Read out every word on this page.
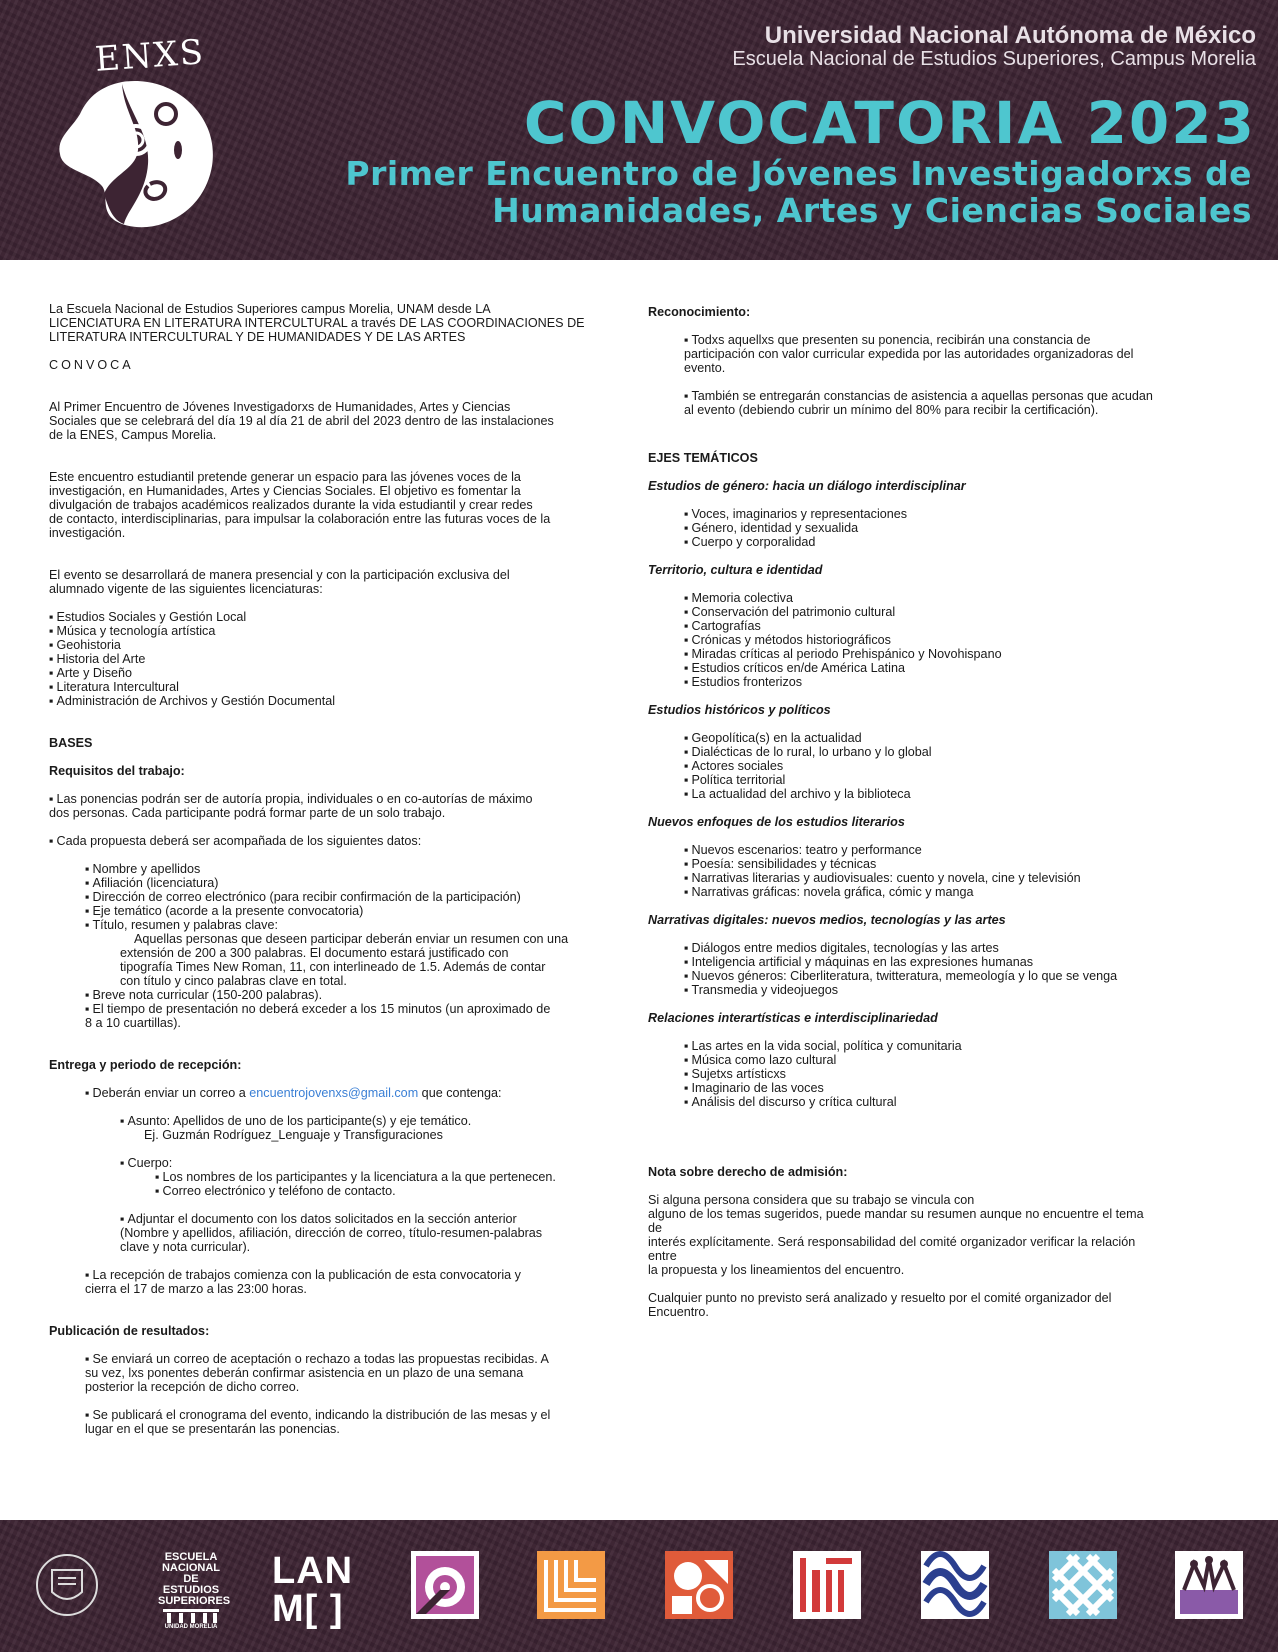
ENXS	Universidad Nacional Autónoma de México
Escuela Nacional de Estudios Superiores, Campus Morelia
CONVOCATORIA 2023
Primer Encuentro de Jóvenes Investigadorxs de
Humanidades, Artes y Ciencias Sociales
La Escuela Nacional de Estudios Superiores campus Morelia, UNAM desde LA
LICENCIATURA EN LITERATURA INTERCULTURAL a través DE LAS COORDINACIONES DE
LITERATURA INTERCULTURAL Y DE HUMANIDADES Y DE LAS ARTES
CONVOCA
Al Primer Encuentro de Jóvenes Investigadorxs de Humanidades, Artes y Ciencias
Sociales que se celebrará del día 19 al día 21 de abril del 2023 dentro de las instalaciones
de la ENES, Campus Morelia.
Este encuentro estudiantil pretende generar un espacio para las jóvenes voces de la
investigación, en Humanidades, Artes y Ciencias Sociales. El objetivo es fomentar la
divulgación de trabajos académicos realizados durante la vida estudiantil y crear redes
de contacto, interdisciplinarias, para impulsar la colaboración entre las futuras voces de la
investigación.
El evento se desarrollará de manera presencial y con la participación exclusiva del
alumnado vigente de las siguientes licenciaturas:
▪ Estudios Sociales y Gestión Local
▪ Música y tecnología artística
▪ Geohistoria
▪ Historia del Arte
▪ Arte y Diseño
▪ Literatura Intercultural
▪ Administración de Archivos y Gestión Documental
BASES
Requisitos del trabajo:
▪ Las ponencias podrán ser de autoría propia, individuales o en co-autorías de máximo
dos personas. Cada participante podrá formar parte de un solo trabajo.
▪ Cada propuesta deberá ser acompañada de los siguientes datos:
▪ Nombre y apellidos
▪ Afiliación (licenciatura)
▪ Dirección de correo electrónico (para recibir confirmación de la participación)
▪ Eje temático (acorde a la presente convocatoria)
▪ Título, resumen y palabras clave:
Aquellas personas que deseen participar deberán enviar un resumen con una
extensión de 200 a 300 palabras. El documento estará justificado con
tipografía Times New Roman, 11, con interlineado de 1.5. Además de contar
con título y cinco palabras clave en total.
▪ Breve nota curricular (150-200 palabras).
▪ El tiempo de presentación no deberá exceder a los 15 minutos (un aproximado de
8 a 10 cuartillas).
Entrega y periodo de recepción:
▪ Deberán enviar un correo a encuentrojovenxs@gmail.com que contenga:
▪ Asunto: Apellidos de uno de los participante(s) y eje temático.
Ej. Guzmán Rodríguez_Lenguaje y Transfiguraciones
▪ Cuerpo:
▪ Los nombres de los participantes y la licenciatura a la que pertenecen.
▪ Correo electrónico y teléfono de contacto.
▪ Adjuntar el documento con los datos solicitados en la sección anterior
(Nombre y apellidos, afiliación, dirección de correo, título-resumen-palabras
clave y nota curricular).
▪ La recepción de trabajos comienza con la publicación de esta convocatoria y
cierra el 17 de marzo a las 23:00 horas.
Publicación de resultados:
▪ Se enviará un correo de aceptación o rechazo a todas las propuestas recibidas. A
su vez, lxs ponentes deberán confirmar asistencia en un plazo de una semana
posterior la recepción de dicho correo.
▪ Se publicará el cronograma del evento, indicando la distribución de las mesas y el
lugar en el que se presentarán las ponencias.
Reconocimiento:
▪ Todxs aquellxs que presenten su ponencia, recibirán una constancia de
participación con valor curricular expedida por las autoridades organizadoras del
evento.
▪ También se entregarán constancias de asistencia a aquellas personas que acudan
al evento (debiendo cubrir un mínimo del 80% para recibir la certificación).
EJES TEMÁTICOS
Estudios de género: hacia un diálogo interdisciplinar
▪ Voces, imaginarios y representaciones
▪ Género, identidad y sexualida
▪ Cuerpo y corporalidad
Territorio, cultura e identidad
▪ Memoria colectiva
▪ Conservación del patrimonio cultural
▪ Cartografías
▪ Crónicas y métodos historiográficos
▪ Miradas críticas al periodo Prehispánico y Novohispano
▪ Estudios críticos en/de América Latina
▪ Estudios fronterizos
Estudios históricos y políticos
▪ Geopolítica(s) en la actualidad
▪ Dialécticas de lo rural, lo urbano y lo global
▪ Actores sociales
▪ Política territorial
▪ La actualidad del archivo y la biblioteca
Nuevos enfoques de los estudios literarios
▪ Nuevos escenarios: teatro y performance
▪ Poesía: sensibilidades y técnicas
▪ Narrativas literarias y audiovisuales: cuento y novela, cine y televisión
▪ Narrativas gráficas: novela gráfica, cómic y manga
Narrativas digitales: nuevos medios, tecnologías y las artes
▪ Diálogos entre medios digitales, tecnologías y las artes
▪ Inteligencia artificial y máquinas en las expresiones humanas
▪ Nuevos géneros: Ciberliteratura, twitteratura, memeología y lo que se venga
▪ Transmedia y videojuegos
Relaciones interartísticas e interdisciplinariedad
▪ Las artes en la vida social, política y comunitaria
▪ Música como lazo cultural
▪ Sujetxs artísticxs
▪ Imaginario de las voces
▪ Análisis del discurso y crítica cultural
Nota sobre derecho de admisión:
Si alguna persona considera que su trabajo se vincula con
alguno de los temas sugeridos, puede mandar su resumen aunque no encuentre el tema
de
interés explícitamente. Será responsabilidad del comité organizador verificar la relación
entre
la propuesta y los lineamientos del encuentro.
Cualquier punto no previsto será analizado y resuelto por el comité organizador del
Encuentro.
ESCUELA
NACIONAL
DE ESTUDIOS
SUPERIORES
UNIDAD MORELIA
LAN
M[ ]
